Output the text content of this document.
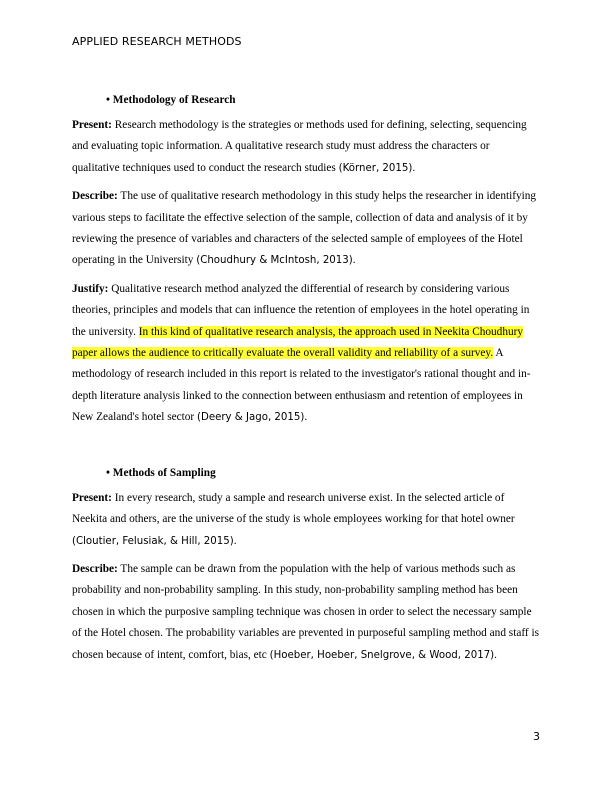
APPLIED RESEARCH METHODS
• Methodology of Research

Present: Research methodology is the strategies or methods used for defining, selecting, sequencing and evaluating topic information. A qualitative research study must address the characters or qualitative techniques used to conduct the research studies (Körner, 2015).

Describe: The use of qualitative research methodology in this study helps the researcher in identifying various steps to facilitate the effective selection of the sample, collection of data and analysis of it by reviewing the presence of variables and characters of the selected sample of employees of the Hotel operating in the University (Choudhury & McIntosh, 2013).

Justify: Qualitative research method analyzed the differential of research by considering various theories, principles and models that can influence the retention of employees in the hotel operating in the university. In this kind of qualitative research analysis, the approach used in Neekita Choudhury paper allows the audience to critically evaluate the overall validity and reliability of a survey. A methodology of research included in this report is related to the investigator's rational thought and in-depth literature analysis linked to the connection between enthusiasm and retention of employees in New Zealand's hotel sector (Deery & Jago, 2015).

• Methods of Sampling

Present: In every research, study a sample and research universe exist. In the selected article of Neekita and others, are the universe of the study is whole employees working for that hotel owner (Cloutier, Felusiak, & Hill, 2015).

Describe: The sample can be drawn from the population with the help of various methods such as probability and non-probability sampling. In this study, non-probability sampling method has been chosen in which the purposive sampling technique was chosen in order to select the necessary sample of the Hotel chosen. The probability variables are prevented in purposeful sampling method and staff is chosen because of intent, comfort, bias, etc (Hoeber, Hoeber, Snelgrove, & Wood, 2017).

3
